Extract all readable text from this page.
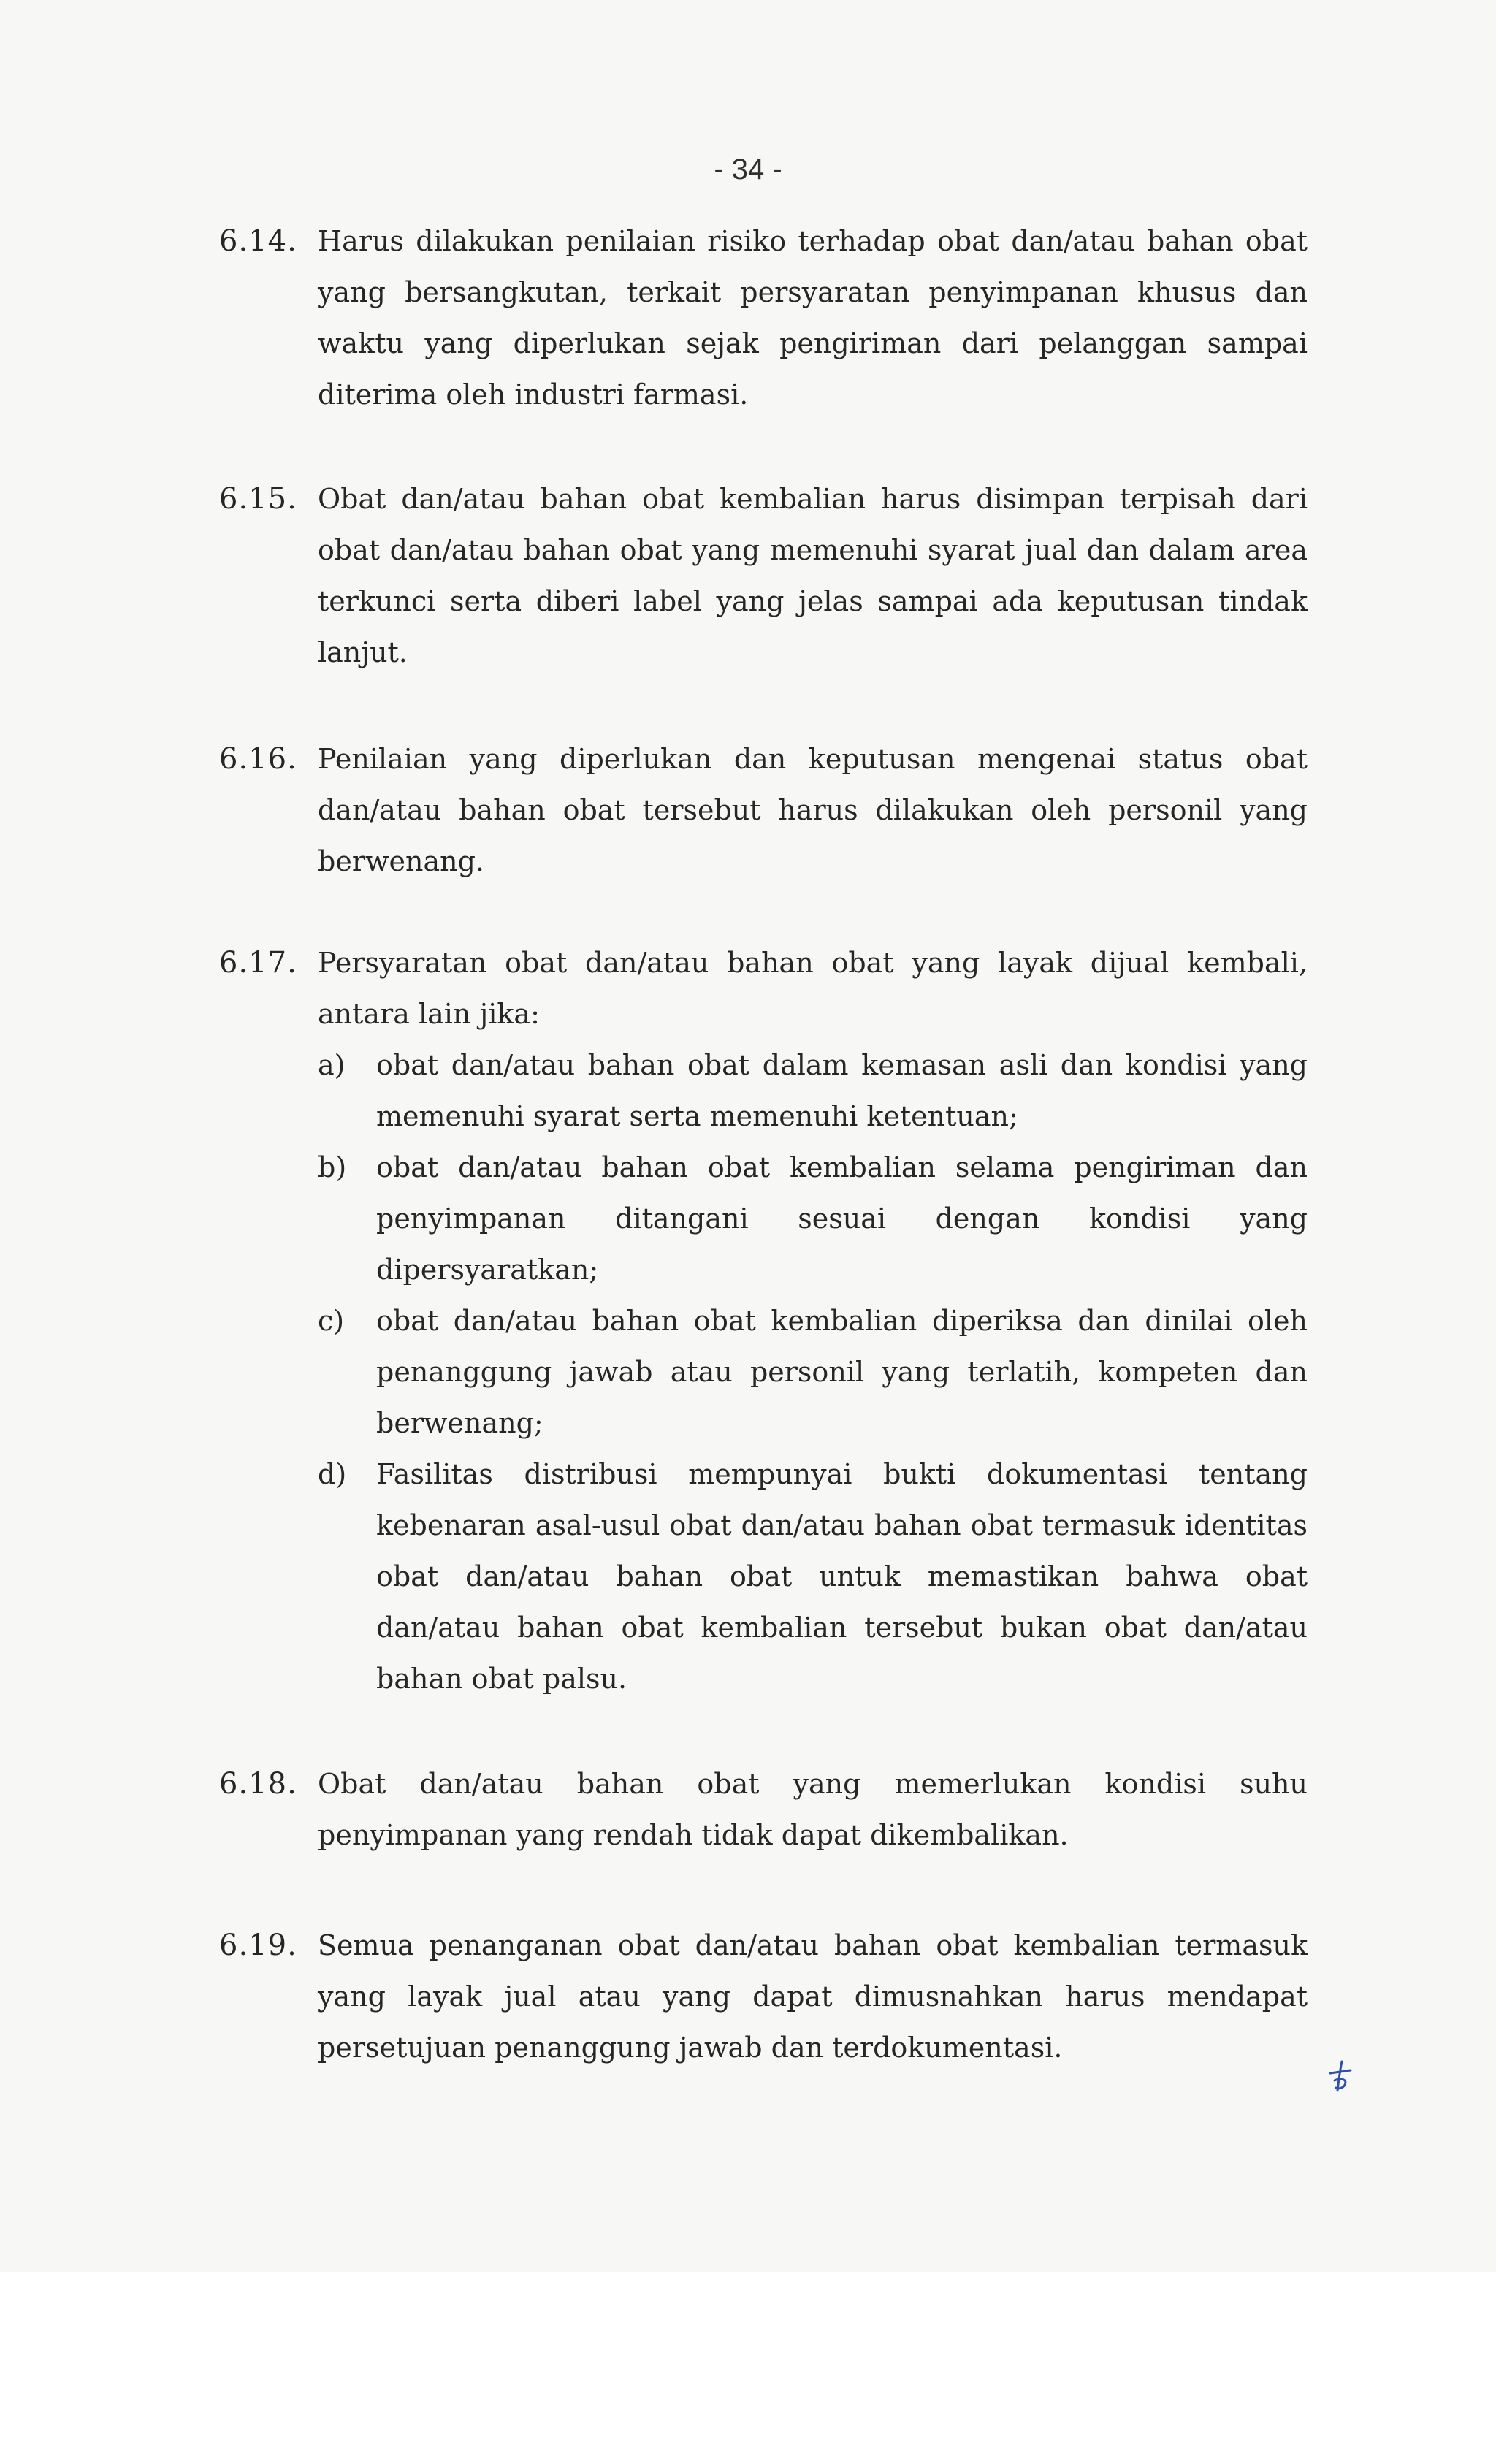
- 34 -
6.14. Harus dilakukan penilaian risiko terhadap obat dan/atau bahan obat yang bersangkutan, terkait persyaratan penyimpanan khusus dan waktu yang diperlukan sejak pengiriman dari pelanggan sampai diterima oleh industri farmasi.

6.15. Obat dan/atau bahan obat kembalian harus disimpan terpisah dari obat dan/atau bahan obat yang memenuhi syarat jual dan dalam area terkunci serta diberi label yang jelas sampai ada keputusan tindak lanjut.

6.16. Penilaian yang diperlukan dan keputusan mengenai status obat dan/atau bahan obat tersebut harus dilakukan oleh personil yang berwenang.

6.17. Persyaratan obat dan/atau bahan obat yang layak dijual kembali, antara lain jika:

a)	obat dan/atau bahan obat dalam kemasan asli dan kondisi yang memenuhi syarat serta memenuhi ketentuan;
b)	obat dan/atau bahan obat kembalian selama pengiriman dan penyimpanan ditangani sesuai dengan kondisi yang dipersyaratkan;
c)	obat dan/atau bahan obat kembalian diperiksa dan dinilai oleh penanggung jawab atau personil yang terlatih, kompeten dan berwenang;
d)	Fasilitas distribusi mempunyai bukti dokumentasi tentang kebenaran asal-usul obat dan/atau bahan obat termasuk identitas obat dan/atau bahan obat untuk memastikan bahwa obat dan/atau bahan obat kembalian tersebut bukan obat dan/atau bahan obat palsu.
6.18. Obat dan/atau bahan obat yang memerlukan kondisi suhu penyimpanan yang rendah tidak dapat dikembalikan.

6.19. Semua penanganan obat dan/atau bahan obat kembalian termasuk yang layak jual atau yang dapat dimusnahkan harus mendapat persetujuan penanggung jawab dan terdokumentasi.
